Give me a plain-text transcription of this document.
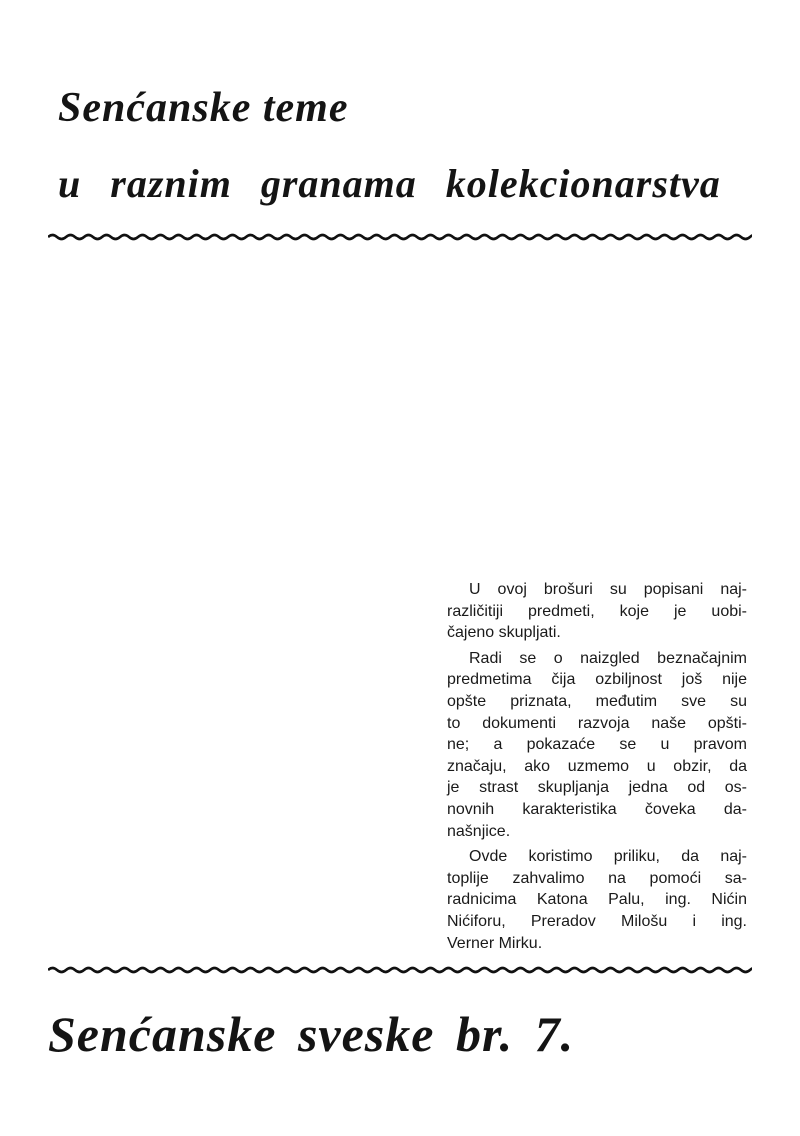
Senćanske teme
u raznim granama kolekcionarstva
U ovoj brošuri su popisani naj-
različitiji predmeti, koje je uobi-
čajeno skupljati.
Radi se o naizgled beznačajnim
predmetima čija ozbiljnost još nije
opšte priznata, međutim sve su
to dokumenti razvoja naše opšti-
ne; a pokazaće se u pravom
značaju, ako uzmemo u obzir, da
je strast skupljanja jedna od os-
novnih karakteristika čoveka da-
našnjice.
Ovde koristimo priliku, da naj-
toplije zahvalimo na pomoći sa-
radnicima Katona Palu, ing. Nićin
Nićiforu, Preradov Milošu i ing.
Verner Mirku.
Senćanske sveske br. 7.
